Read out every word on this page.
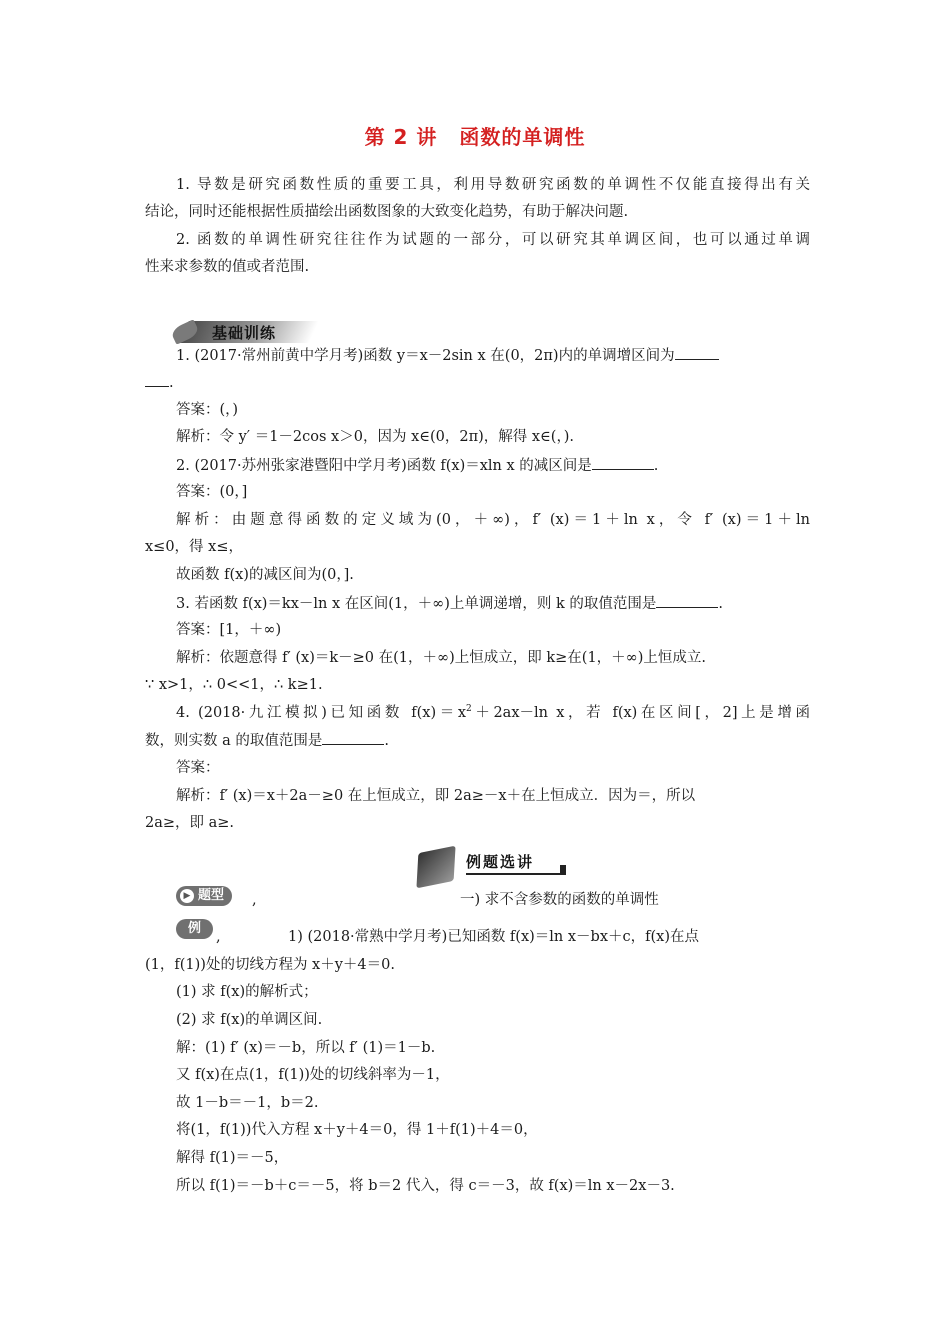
第 2 讲 函数的单调性
1. 导数是研究函数性质的重要工具，利用导数研究函数的单调性不仅能直接得出有关
结论，同时还能根据性质描绘出函数图象的大致变化趋势，有助于解决问题.
2. 函数的单调性研究往往作为试题的一部分，可以研究其单调区间，也可以通过单调
性来求参数的值或者范围.
基础训练
1. (2017·常州前黄中学月考)函数 y＝x－2sin x 在(0，2π)内的单调增区间为
.
答案：(，)
解析：令 y′ ＝1－2cos x＞0，因为 x∈(0，2π)，解得 x∈(，).
2. (2017·苏州张家港暨阳中学月考)函数 f(x)＝xln x 的减区间是	.
答案：(0，]
解析：由题意得函数的定义域为(0，＋∞)，f′ (x)＝1＋ln x，令 f′ (x)＝1＋ln
x≤0，得 x≤，
故函数 f(x)的减区间为(0，].
3. 若函数 f(x)＝kx－ln x 在区间(1，＋∞)上单调递增，则 k 的取值范围是	.
答案：[1，＋∞)
解析：依题意得 f′ (x)＝k－≥0 在(1，＋∞)上恒成立，即 k≥在(1，＋∞)上恒成立.
∵ x>1，∴ 0<<1，∴ k≥1.
4. (2018·九江模拟)已知函数 $f(x)=x^2+2ax-\ln$ x，若 f(x)在区间[，2]上是增函
数，则实数 a 的取值范围是	.
答案：
解析：f′ (x)＝x＋2a－≥0 在上恒成立，即 2a≥－x＋在上恒成立．因为＝，所以
2a≥，即 a≥.
例题选讲
▶ 题型	,	一) 求不含参数的函数的单调性
例
,	1) (2018·常熟中学月考)已知函数 f(x)＝ln x－bx＋c，f(x)在点
(1，f(1))处的切线方程为 x＋y＋4＝0.
(1) 求 f(x)的解析式；
(2) 求 f(x)的单调区间.
解：(1) f′ (x)＝－b，所以 f′ (1)＝1－b.
又 f(x)在点(1，f(1))处的切线斜率为－1，
故 1－b＝－1，b＝2.
将(1，f(1))代入方程 x＋y＋4＝0，得 1＋f(1)＋4＝0，
解得 f(1)＝－5，
所以 f(1)＝－b＋c＝－5，将 b＝2 代入，得 c＝－3，故 f(x)＝ln x－2x－3.
